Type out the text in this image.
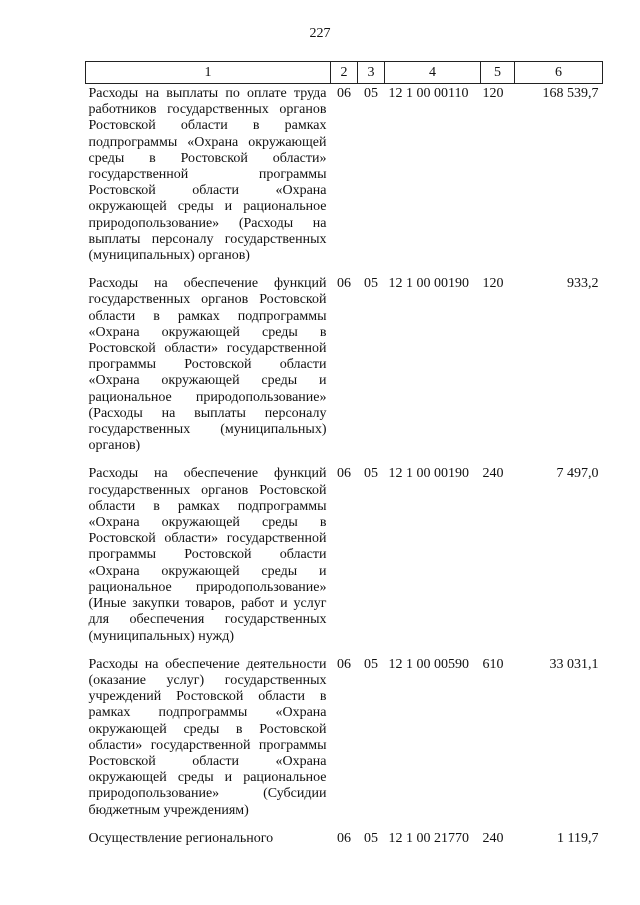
227
1	2	3	4	5	6
Расходы на выплаты по оплате труда работников государственных органов Ростовской области в рамках подпрограммы «Охрана окружающей среды в Ростовской области» государственной программы Ростовской области «Охрана окружающей среды и рациональное природопользование» (Расходы на выплаты персоналу государственных (муниципальных) органов)	06	05	12 1 00 00110	120	168 539,7
Расходы на обеспечение функций государственных органов Ростовской области в рамках подпрограммы «Охрана окружающей среды в Ростовской области» государственной программы Ростовской области «Охрана окружающей среды и рациональное природопользование» (Расходы на выплаты персоналу государственных (муниципальных) органов)	06	05	12 1 00 00190	120	933,2
Расходы на обеспечение функций государственных органов Ростовской области в рамках подпрограммы «Охрана окружающей среды в Ростовской области» государственной программы Ростовской области «Охрана окружающей среды и рациональное природопользование» (Иные закупки товаров, работ и услуг для обеспечения государственных (муниципальных) нужд)	06	05	12 1 00 00190	240	7 497,0
Расходы на обеспечение деятельности (оказание услуг) государственных учреждений Ростовской области в рамках подпрограммы «Охрана окружающей среды в Ростовской области» государственной программы Ростовской области «Охрана окружающей среды и рациональное природопользование» (Субсидии бюджетным учреждениям)	06	05	12 1 00 00590	610	33 031,1
Осуществление регионального	06	05	12 1 00 21770	240	1 119,7
